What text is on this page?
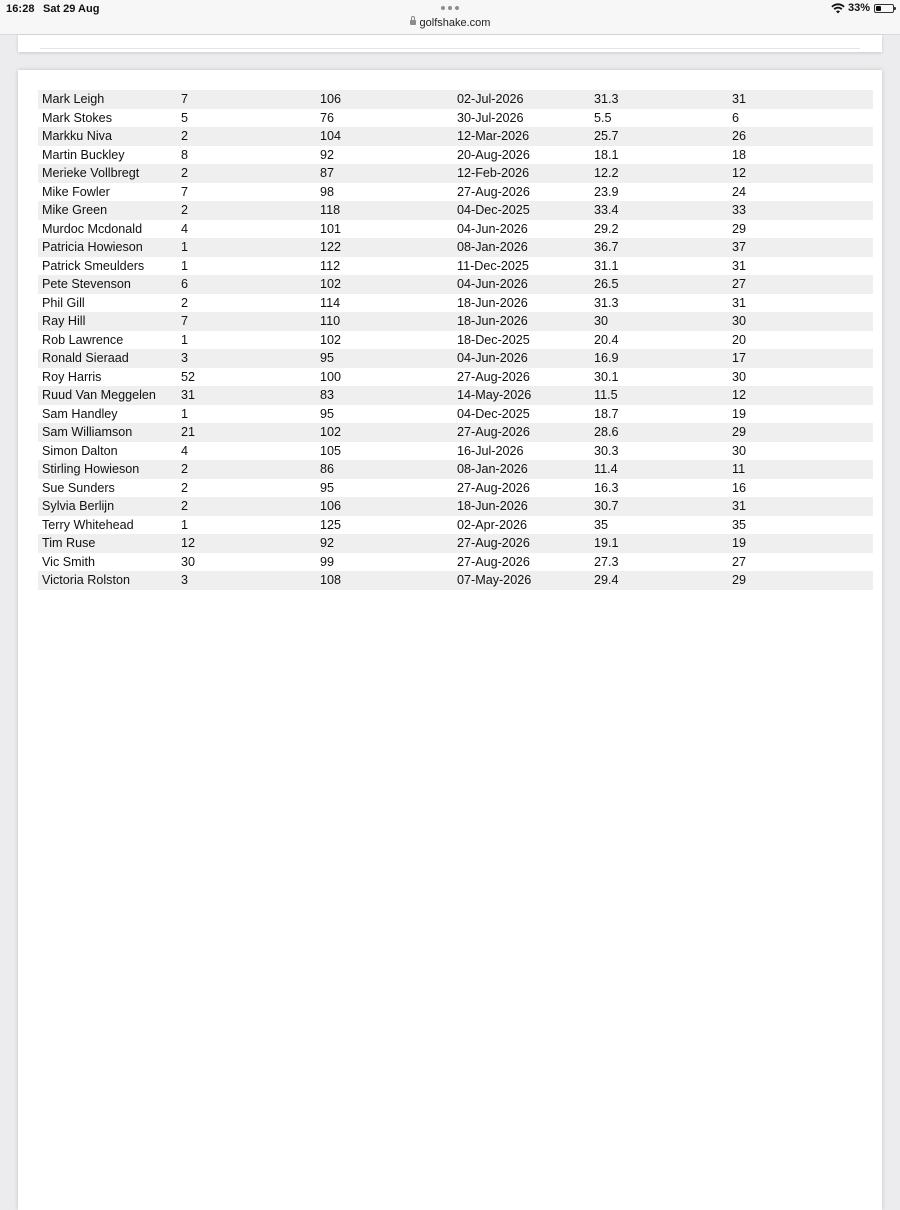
16:28 Sat 29 Aug
golfshake.com
33%
Mark Leigh	7	106	02-Jul-2026	31.3	31
Mark Stokes	5	76	30-Jul-2026	5.5	6
Markku Niva	2	104	12-Mar-2026	25.7	26
Martin Buckley	8	92	20-Aug-2026	18.1	18
Merieke Vollbregt	2	87	12-Feb-2026	12.2	12
Mike Fowler	7	98	27-Aug-2026	23.9	24
Mike Green	2	118	04-Dec-2025	33.4	33
Murdoc Mcdonald	4	101	04-Jun-2026	29.2	29
Patricia Howieson	1	122	08-Jan-2026	36.7	37
Patrick Smeulders	1	112	11-Dec-2025	31.1	31
Pete Stevenson	6	102	04-Jun-2026	26.5	27
Phil Gill	2	114	18-Jun-2026	31.3	31
Ray Hill	7	110	18-Jun-2026	30	30
Rob Lawrence	1	102	18-Dec-2025	20.4	20
Ronald Sieraad	3	95	04-Jun-2026	16.9	17
Roy Harris	52	100	27-Aug-2026	30.1	30
Ruud Van Meggelen	31	83	14-May-2026	11.5	12
Sam Handley	1	95	04-Dec-2025	18.7	19
Sam Williamson	21	102	27-Aug-2026	28.6	29
Simon Dalton	4	105	16-Jul-2026	30.3	30
Stirling Howieson	2	86	08-Jan-2026	11.4	11
Sue Sunders	2	95	27-Aug-2026	16.3	16
Sylvia Berlijn	2	106	18-Jun-2026	30.7	31
Terry Whitehead	1	125	02-Apr-2026	35	35
Tim Ruse	12	92	27-Aug-2026	19.1	19
Vic Smith	30	99	27-Aug-2026	27.3	27
Victoria Rolston	3	108	07-May-2026	29.4	29
